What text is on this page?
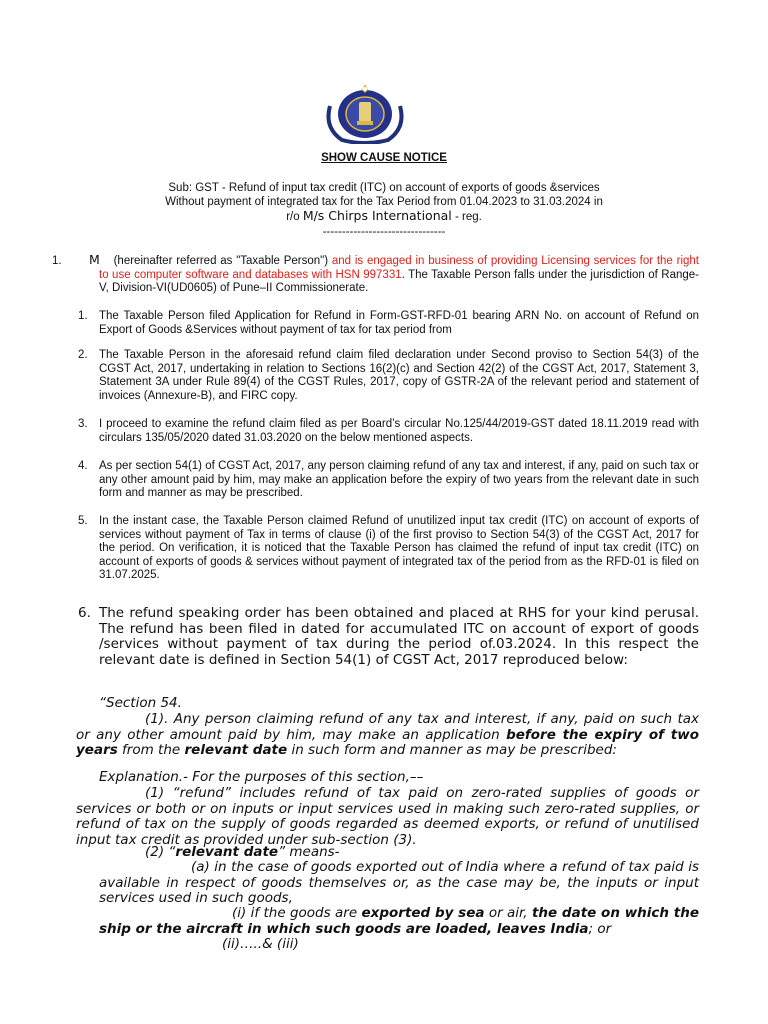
SHOW CAUSE NOTICE
Sub: GST - Refund of input tax credit (ITC) on account of exports of goods &services
Without payment of integrated tax for the Tax Period from 01.04.2023 to 31.03.2024 in
r/o M/s Chirps International - reg.
--------------------------------
1. M (hereinafter referred as "Taxable Person") and is engaged in business of providing Licensing services for the right to use computer software and databases with HSN 997331. The Taxable Person falls under the jurisdiction of Range-V, Division-VI(UD0605) of Pune–II Commissionerate.
1. The Taxable Person filed Application for Refund in Form-GST-RFD-01 bearing ARN No. on account of Refund on Export of Goods &Services without payment of tax for tax period from
2. The Taxable Person in the aforesaid refund claim filed declaration under Second proviso to Section 54(3) of the CGST Act, 2017, undertaking in relation to Sections 16(2)(c) and Section 42(2) of the CGST Act, 2017, Statement 3, Statement 3A under Rule 89(4) of the CGST Rules, 2017, copy of GSTR-2A of the relevant period and statement of invoices (Annexure-B), and FIRC copy.
3. I proceed to examine the refund claim filed as per Board’s circular No.125/44/2019-GST dated 18.11.2019 read with circulars 135/05/2020 dated 31.03.2020 on the below mentioned aspects.
4. As per section 54(1) of CGST Act, 2017, any person claiming refund of any tax and interest, if any, paid on such tax or any other amount paid by him, may make an application before the expiry of two years from the relevant date in such form and manner as may be prescribed.
5. In the instant case, the Taxable Person claimed Refund of unutilized input tax credit (ITC) on account of exports of services without payment of Tax in terms of clause (i) of the first proviso to Section 54(3) of the CGST Act, 2017 for the period. On verification, it is noticed that the Taxable Person has claimed the refund of input tax credit (ITC) on account of exports of goods & services without payment of integrated tax of the period from as the RFD-01 is filed on 31.07.2025.
6. The refund speaking order has been obtained and placed at RHS for your kind perusal. The refund has been filed in dated for accumulated ITC on account of export of goods /services without payment of tax during the period of.03.2024. In this respect the relevant date is defined in Section 54(1) of CGST Act, 2017 reproduced below:
“Section 54.
(1). Any person claiming refund of any tax and interest, if any, paid on such tax or any other amount paid by him, may make an application before the expiry of two years from the relevant date in such form and manner as may be prescribed:
Explanation.- For the purposes of this section,––
(1) “refund” includes refund of tax paid on zero-rated supplies of goods or services or both or on inputs or input services used in making such zero-rated supplies, or refund of tax on the supply of goods regarded as deemed exports, or refund of unutilised input tax credit as provided under sub-section (3).
(2) “relevant date” means-
(a) in the case of goods exported out of India where a refund of tax paid is available in respect of goods themselves or, as the case may be, the inputs or input services used in such goods,
(i) if the goods are exported by sea or air, the date on which the ship or the aircraft in which such goods are loaded, leaves India; or
(ii)…..& (iii)
